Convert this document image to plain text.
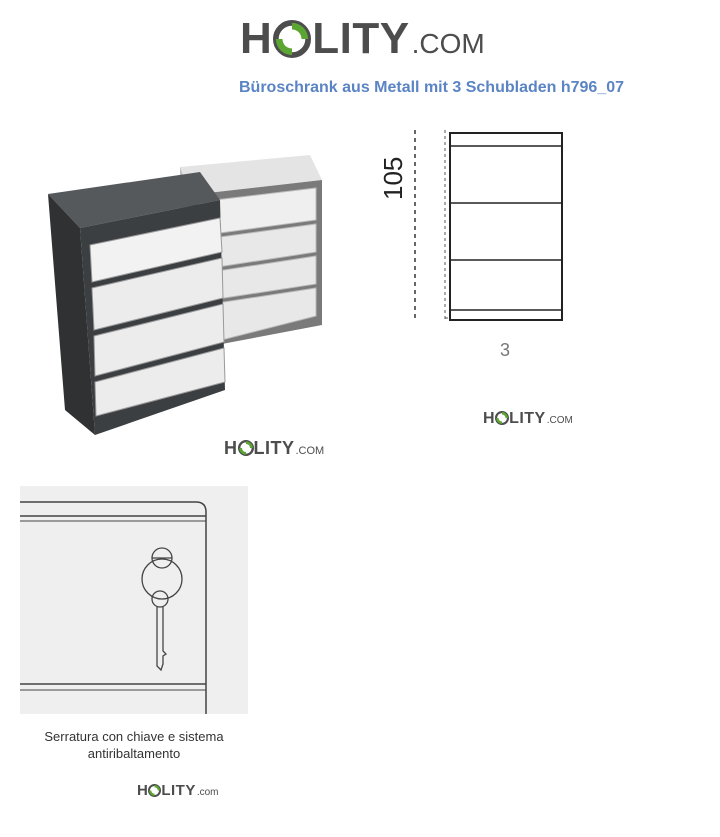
H LITY .COM
Büroschrank aus Metall mit 3 Schubladen h796_07
105
3
H LITY .COM
H LITY .COM
Serratura con chiave e sistema
antiribaltamento
H LITY .com
